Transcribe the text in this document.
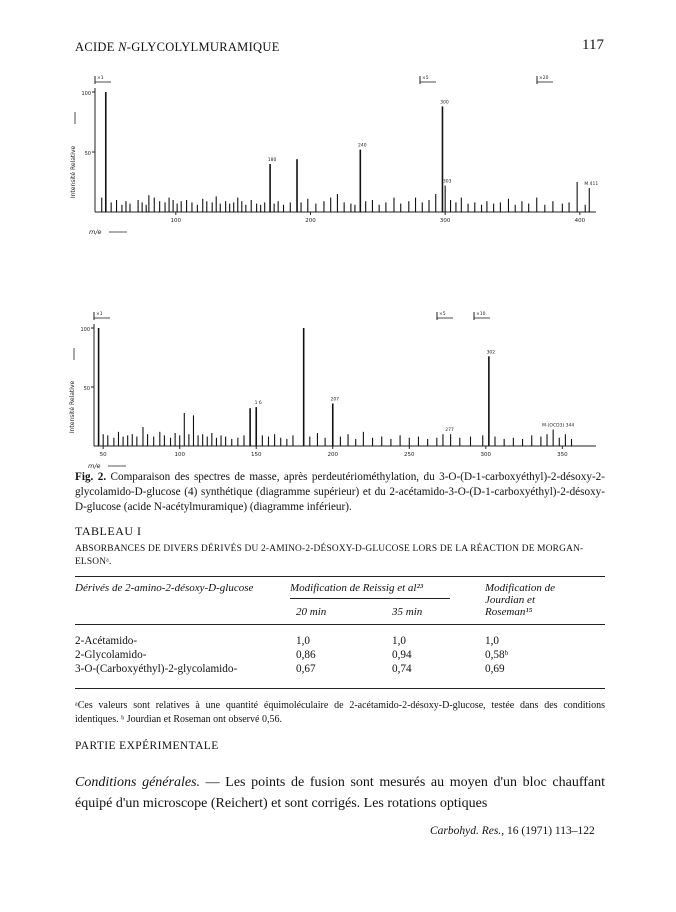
ACIDE N-GLYCOLYLMURAMIQUE	117
100
50
Intensité Relative
100	200	300	400
m/e
180
240
300
303	M 411
×1	×5	×20
100
50
Intensité Relative
50	100	150	200	250	300	350
m/e
1 6
207
277
302
M-(OCD3) 344
×1	×5	×10
Fig. 2. Comparaison des spectres de masse, après perdeutériométhylation, du 3-O-(D-1-carboxyéthyl)-2-désoxy-2-glycolamido-D-glucose (4) synthétique (diagramme supérieur) et du 2-acétamido-3-O-(D-1-carboxyéthyl)-2-désoxy-D-glucose (acide N-acétylmuramique) (diagramme inférieur).
TABLEAU I
ABSORBANCES DE DIVERS DÉRIVÉS DU 2-AMINO-2-DÉSOXY-D-GLUCOSE LORS DE LA RÉACTION DE MORGAN-ELSONᵃ.
Dérivés de 2-amino-2-désoxy-D-glucose	Modification de Reissig et al²³
20 min	35 min
Modification de Jourdian et Roseman¹⁵
2-Acétamido-	1,0	1,0	1,0
2-Glycolamido-	0,86	0,94	0,58ᵇ
3-O-(Carboxyéthyl)-2-glycolamido-	0,67	0,74	0,69
ᵃCes valeurs sont relatives à une quantité équimoléculaire de 2-acétamido-2-désoxy-D-glucose, testée dans des conditions identiques. ᵇ Jourdian et Roseman ont observé 0,56.
PARTIE EXPÉRIMENTALE
Conditions générales. — Les points de fusion sont mesurés au moyen d'un bloc chauffant équipé d'un microscope (Reichert) et sont corrigés. Les rotations optiques
Carbohyd. Res., 16 (1971) 113–122
